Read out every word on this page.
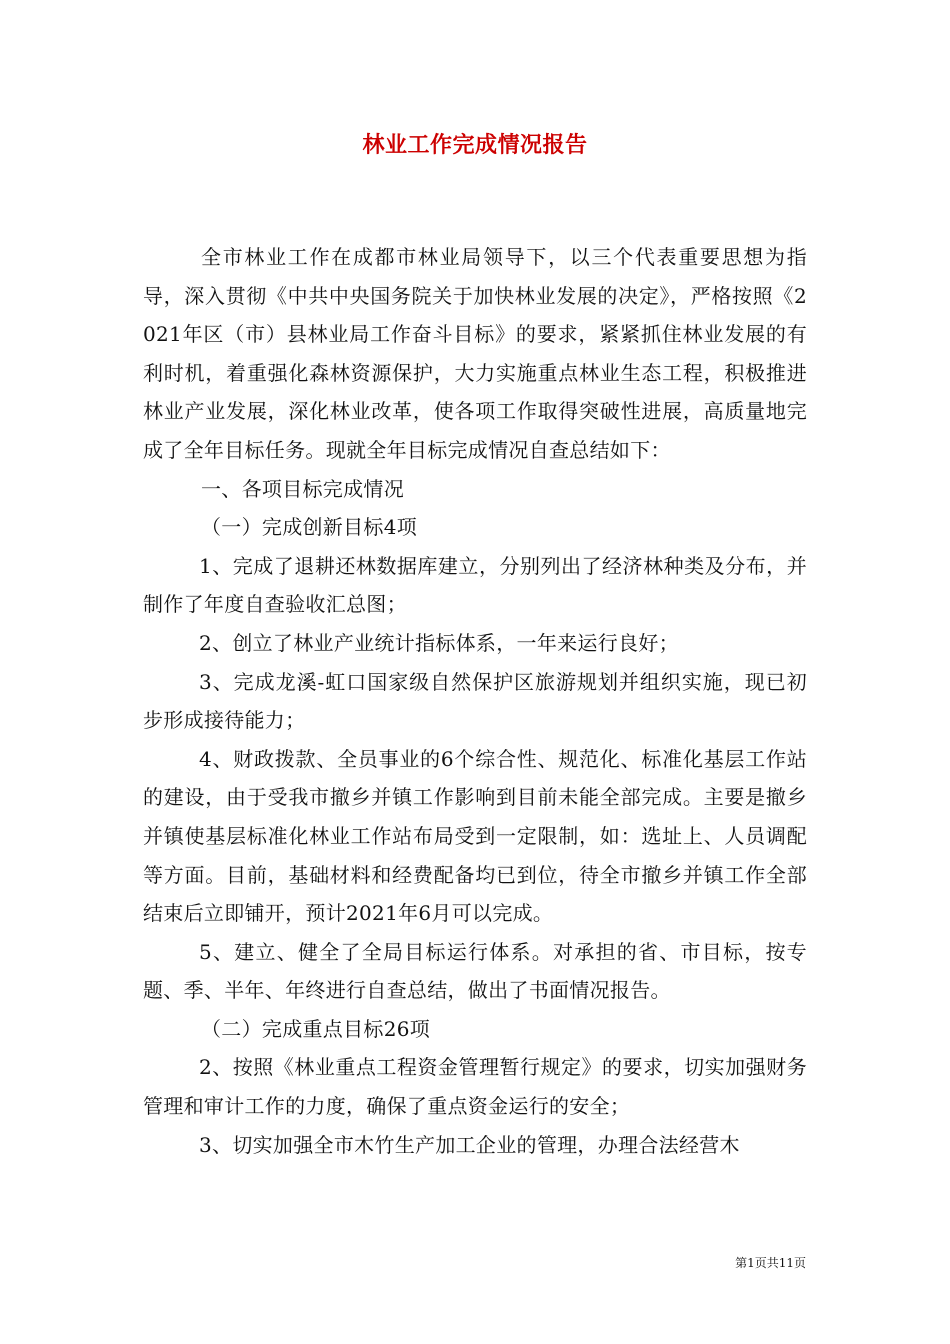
林业工作完成情况报告

全市林业工作在成都市林业局领导下，以三个代表重要思想为指导，深入贯彻《中共中央国务院关于加快林业发展的决定》，严格按照《2021年区（市）县林业局工作奋斗目标》的要求，紧紧抓住林业发展的有利时机，着重强化森林资源保护，大力实施重点林业生态工程，积极推进林业产业发展，深化林业改革，使各项工作取得突破性进展，高质量地完成了全年目标任务。现就全年目标完成情况自查总结如下：

一、各项目标完成情况

（一）完成创新目标4项

1、完成了退耕还林数据库建立，分别列出了经济林种类及分布，并制作了年度自查验收汇总图；

2、创立了林业产业统计指标体系，一年来运行良好；

3、完成龙溪-虹口国家级自然保护区旅游规划并组织实施，现已初步形成接待能力；

4、财政拨款、全员事业的6个综合性、规范化、标准化基层工作站的建设，由于受我市撤乡并镇工作影响到目前未能全部完成。主要是撤乡并镇使基层标准化林业工作站布局受到一定限制，如：选址上、人员调配等方面。目前，基础材料和经费配备均已到位，待全市撤乡并镇工作全部结束后立即铺开，预计2021年6月可以完成。

5、建立、健全了全局目标运行体系。对承担的省、市目标，按专题、季、半年、年终进行自查总结，做出了书面情况报告。

（二）完成重点目标26项

2、按照《林业重点工程资金管理暂行规定》的要求，切实加强财务管理和审计工作的力度，确保了重点资金运行的安全；

3、切实加强全市木竹生产加工企业的管理，办理合法经营木

第1页共11页
